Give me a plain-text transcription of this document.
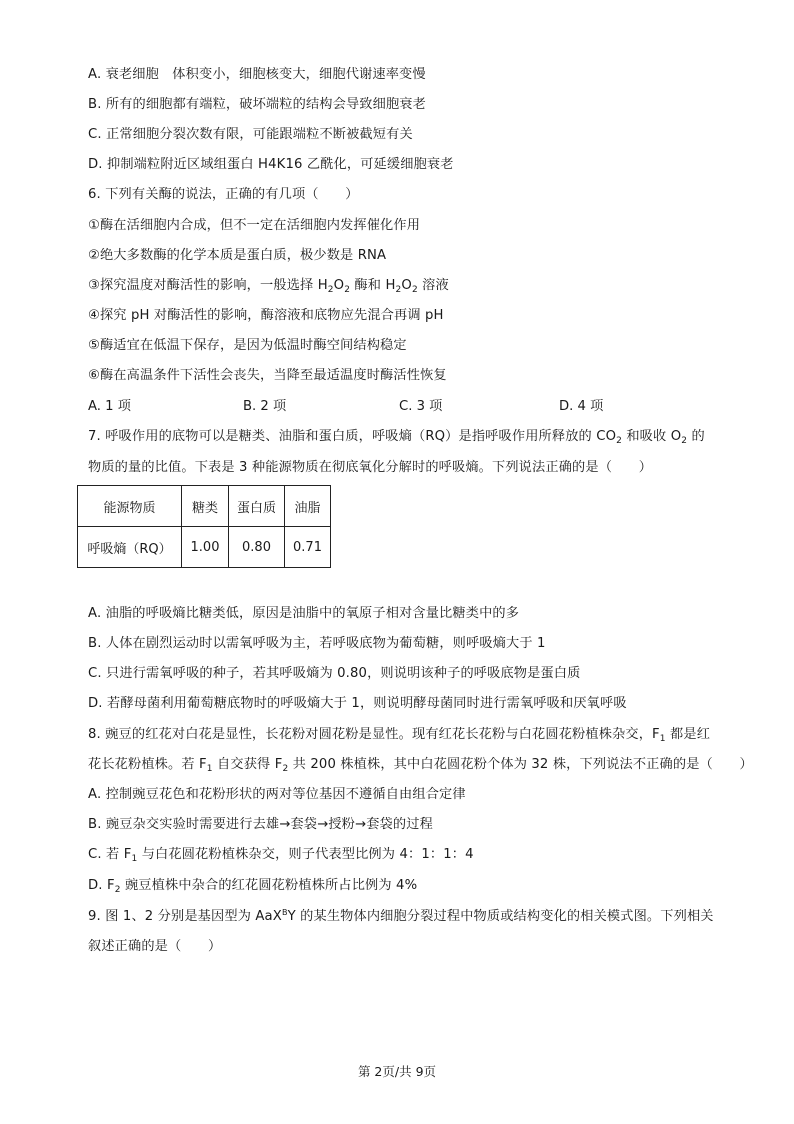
A. 衰老细胞　体积变小，细胞核变大，细胞代谢速率变慢
B. 所有的细胞都有端粒，破坏端粒的结构会导致细胞衰老
C. 正常细胞分裂次数有限，可能跟端粒不断被截短有关
D. 抑制端粒附近区域组蛋白 H4K16 乙酰化，可延缓细胞衰老
6. 下列有关酶的说法，正确的有几项（　　）
①酶在活细胞内合成，但不一定在活细胞内发挥催化作用
②绝大多数酶的化学本质是蛋白质，极少数是 RNA
③探究温度对酶活性的影响，一般选择 $H_2O_2$ 酶和 $H_2O_2$ 溶液
④探究 pH 对酶活性的影响，酶溶液和底物应先混合再调 pH
⑤酶适宜在低温下保存，是因为低温时酶空间结构稳定
⑥酶在高温条件下活性会丧失，当降至最适温度时酶活性恢复
A. 1 项	B. 2 项	C. 3 项	D. 4 项
7. 呼吸作用的底物可以是糖类、油脂和蛋白质，呼吸熵（RQ）是指呼吸作用所释放的 $CO_2$ 和吸收 $O_2$ 的
物质的量的比值。下表是 3 种能源物质在彻底氧化分解时的呼吸熵。下列说法正确的是（　　）
能源物质	糖类	蛋白质	油脂
呼吸熵（RQ）	1.00	0.80	0.71
A. 油脂的呼吸熵比糖类低，原因是油脂中的氧原子相对含量比糖类中的多
B. 人体在剧烈运动时以需氧呼吸为主，若呼吸底物为葡萄糖，则呼吸熵大于 1
C. 只进行需氧呼吸的种子，若其呼吸熵为 0.80，则说明该种子的呼吸底物是蛋白质
D. 若酵母菌利用葡萄糖底物时的呼吸熵大于 1，则说明酵母菌同时进行需氧呼吸和厌氧呼吸
8. 豌豆的红花对白花是显性，长花粉对圆花粉是显性。现有红花长花粉与白花圆花粉植株杂交，$F_1$ 都是红
花长花粉植株。若 $F_1$ 自交获得 $F_2$ 共 200 株植株，其中白花圆花粉个体为 32 株，下列说法不正确的是（　　）
A. 控制豌豆花色和花粉形状的两对等位基因不遵循自由组合定律
B. 豌豆杂交实验时需要进行去雄→套袋→授粉→套袋的过程
C. 若 $F_1$ 与白花圆花粉植株杂交，则子代表型比例为 4：1：1：4
D. $F_2$ 豌豆植株中杂合的红花圆花粉植株所占比例为 4%
9. 图 1、2 分别是基因型为 AaX$^B$Y 的某生物体内细胞分裂过程中物质或结构变化的相关模式图。下列相关
叙述正确的是（　　）
第 2页/共 9页
